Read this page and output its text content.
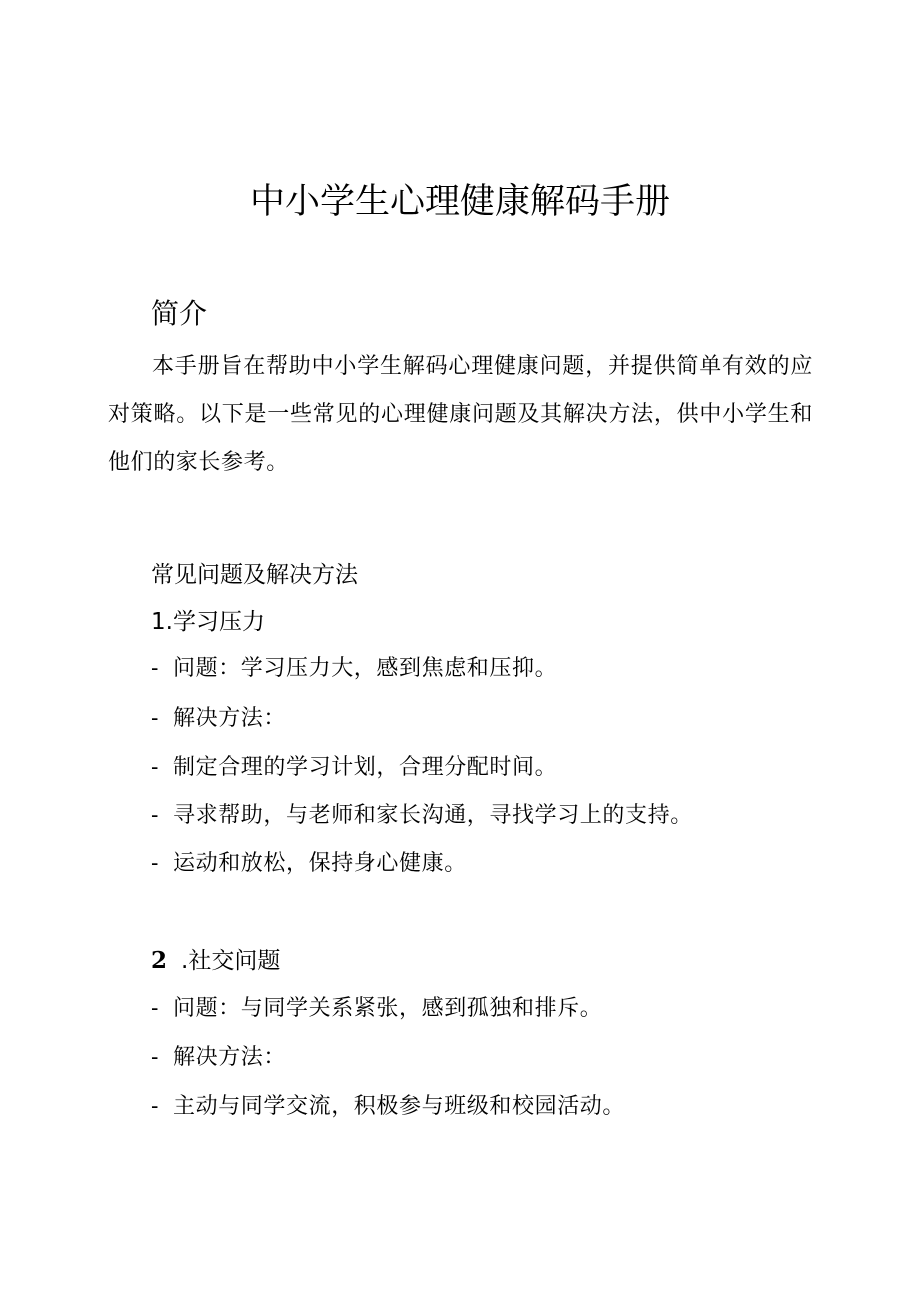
中小学生心理健康解码手册
简介

本手册旨在帮助中小学生解码心理健康问题，并提供简单有效的应对策略。以下是一些常见的心理健康问题及其解决方法，供中小学生和他们的家长参考。

常见问题及解决方法
1.学习压力
- 问题：学习压力大，感到焦虑和压抑。
- 解决方法：
- 制定合理的学习计划，合理分配时间。
- 寻求帮助，与老师和家长沟通，寻找学习上的支持。
- 运动和放松，保持身心健康。
2 .社交问题
- 问题：与同学关系紧张，感到孤独和排斥。
- 解决方法：
- 主动与同学交流，积极参与班级和校园活动。
